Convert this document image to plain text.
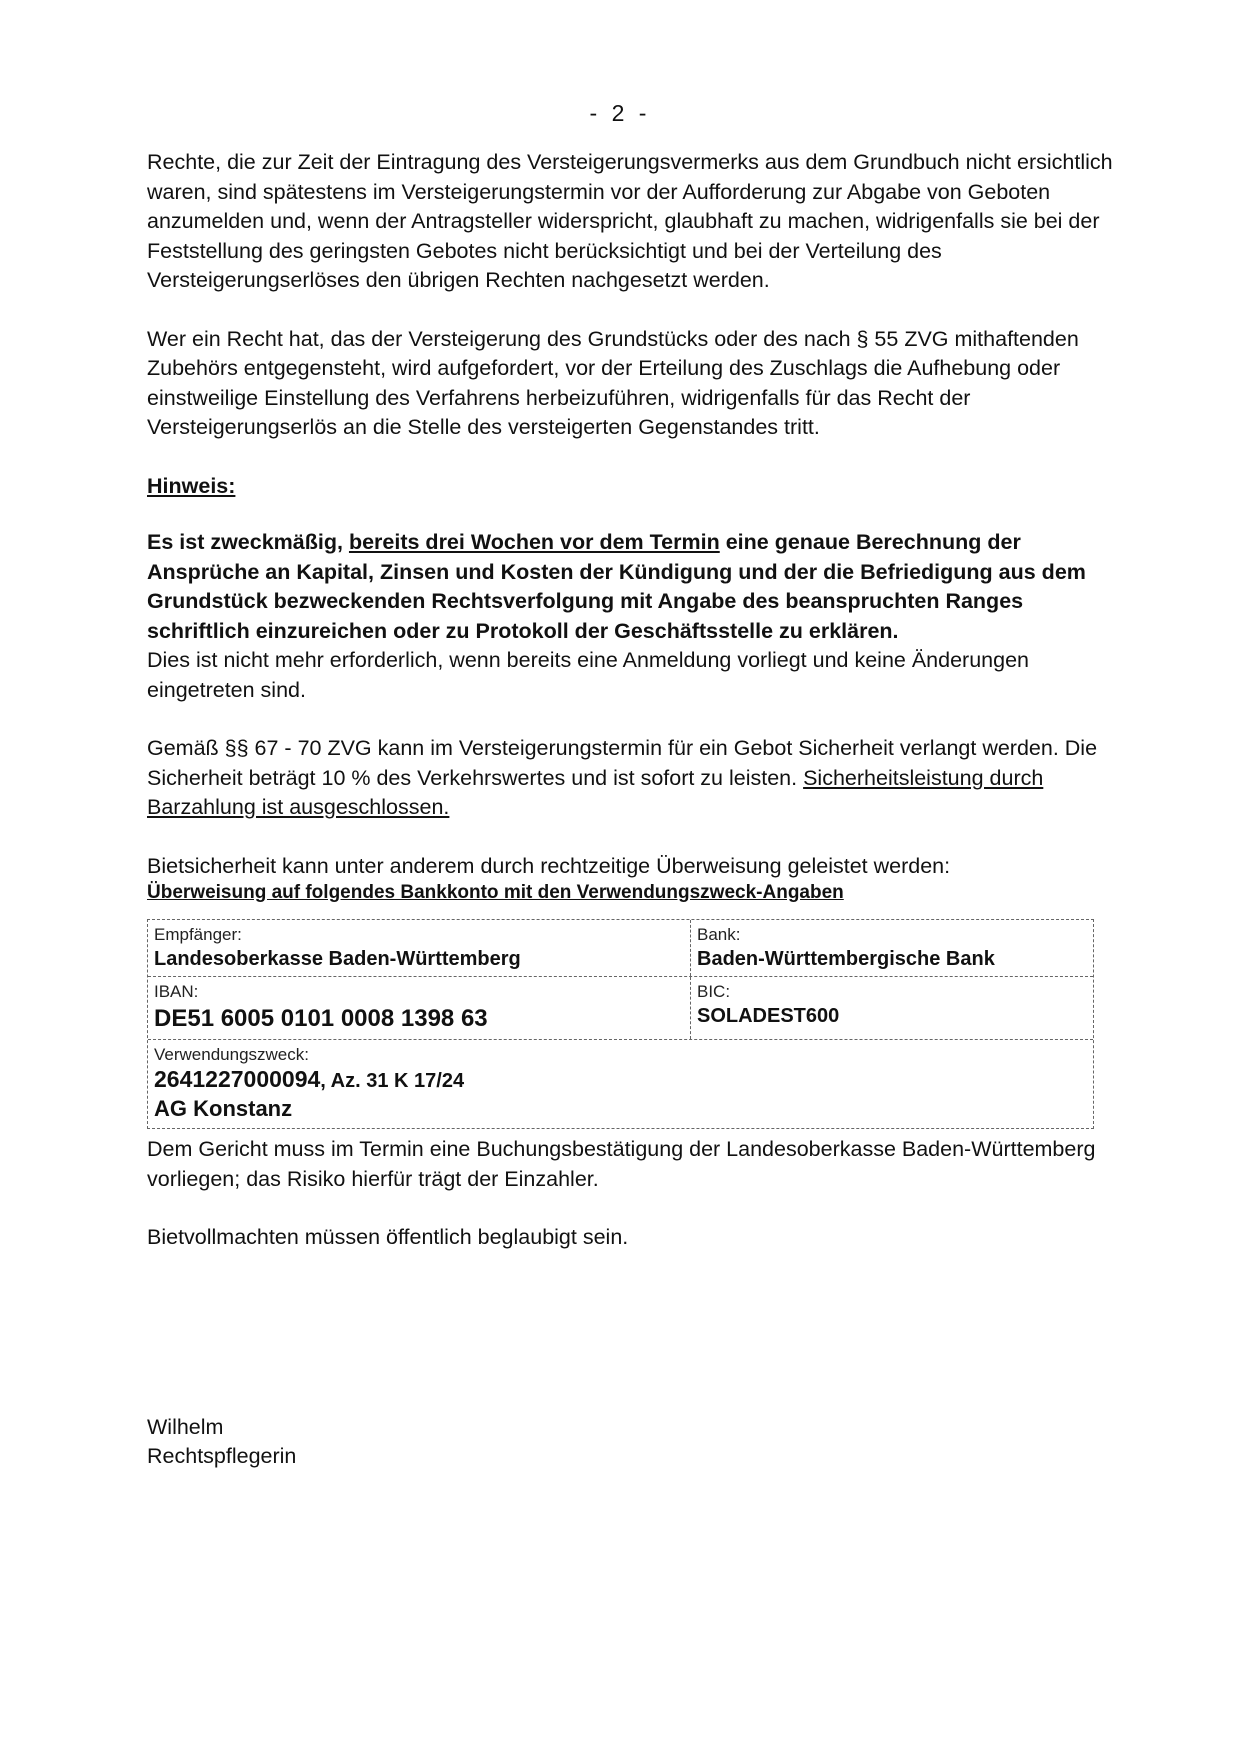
- 2 -

Rechte, die zur Zeit der Eintragung des Versteigerungsvermerks aus dem Grundbuch nicht ersichtlich waren, sind spätestens im Versteigerungstermin vor der Aufforderung zur Abgabe von Geboten anzumelden und, wenn der Antragsteller widerspricht, glaubhaft zu machen, widrigenfalls sie bei der Feststellung des geringsten Gebotes nicht berücksichtigt und bei der Verteilung des Versteigerungserlöses den übrigen Rechten nachgesetzt werden.

Wer ein Recht hat, das der Versteigerung des Grundstücks oder des nach § 55 ZVG mithaftenden Zubehörs entgegensteht, wird aufgefordert, vor der Erteilung des Zuschlags die Aufhebung oder einstweilige Einstellung des Verfahrens herbeizuführen, widrigenfalls für das Recht der Versteigerungserlös an die Stelle des versteigerten Gegenstandes tritt.

Hinweis:

Es ist zweckmäßig, bereits drei Wochen vor dem Termin eine genaue Berechnung der Ansprüche an Kapital, Zinsen und Kosten der Kündigung und der die Befriedigung aus dem Grundstück bezweckenden Rechtsverfolgung mit Angabe des beanspruchten Ranges schriftlich einzureichen oder zu Protokoll der Geschäftsstelle zu erklären.
Dies ist nicht mehr erforderlich, wenn bereits eine Anmeldung vorliegt und keine Änderungen eingetreten sind.

Gemäß §§ 67 - 70 ZVG kann im Versteigerungstermin für ein Gebot Sicherheit verlangt werden. Die Sicherheit beträgt 10 % des Verkehrswertes und ist sofort zu leisten. Sicherheitsleistung durch Barzahlung ist ausgeschlossen.

Bietsicherheit kann unter anderem durch rechtzeitige Überweisung geleistet werden:

Überweisung auf folgendes Bankkonto mit den Verwendungszweck-Angaben

Empfänger:
Landesoberkasse Baden-Württemberg
Bank:
Baden-Württembergische Bank
IBAN:
DE51 6005 0101 0008 1398 63
BIC:
SOLADEST600
Verwendungszweck:
2641227000094, Az. 31 K 17/24
AG Konstanz

Dem Gericht muss im Termin eine Buchungsbestätigung der Landesoberkasse Baden-Württemberg vorliegen; das Risiko hierfür trägt der Einzahler.

Bietvollmachten müssen öffentlich beglaubigt sein.

Wilhelm
Rechtspflegerin
